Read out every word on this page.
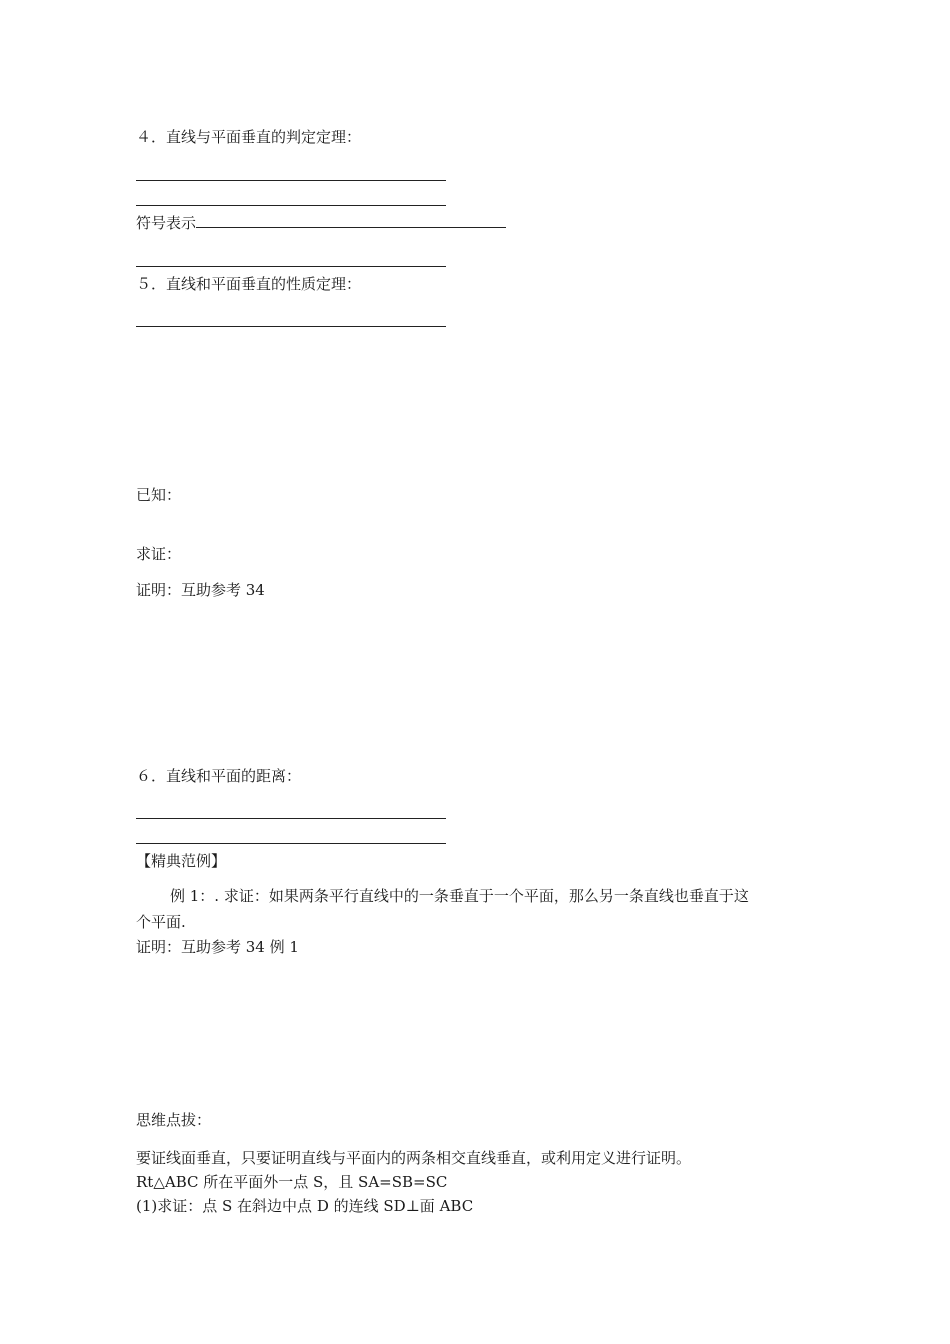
４．直线与平面垂直的判定定理：
符号表示
５．直线和平面垂直的性质定理：
已知：
求证：
证明：互助参考 34
６．直线和平面的距离：
【精典范例】
例 1：. 求证：如果两条平行直线中的一条垂直于一个平面，那么另一条直线也垂直于这
个平面.
证明：互助参考 34 例 1
思维点拔：
要证线面垂直，只要证明直线与平面内的两条相交直线垂直，或利用定义进行证明。
Rt△ABC 所在平面外一点 S，且 SA=SB=SC
(1)求证：点 S 在斜边中点 D 的连线 SD⊥面 ABC
